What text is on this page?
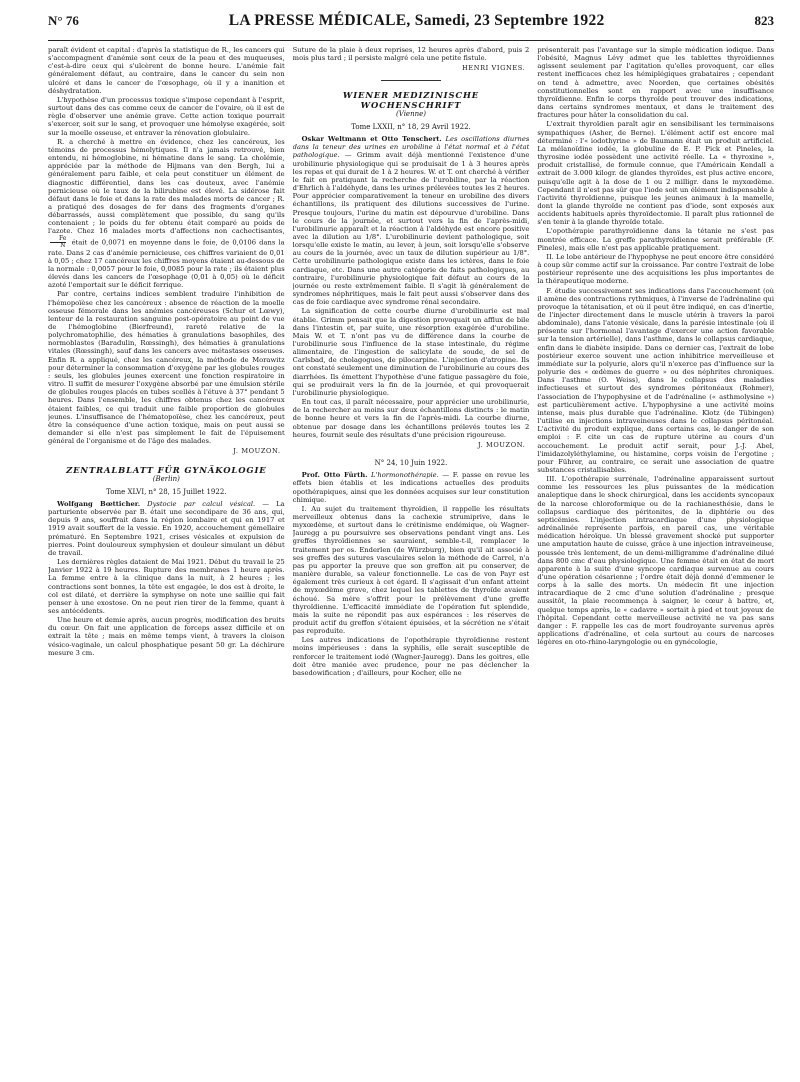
N° 76	LA PRESSE MÉDICALE, Samedi, 23 Septembre 1922	823

paraît évident et capital : d'après la statistique de R., les cancers qui s'accompagnent d'anémie sont ceux de la peau et des muqueuses, c'est-à-dire ceux qui s'ulcèrent de bonne heure. L'anémie fait généralement défaut, au contraire, dans le cancer du sein non ulcéré et dans le cancer de l'œsophage, où il y a inanition et déshydratation.

L'hypothèse d'un processus toxique s'impose cependant à l'esprit, surtout dans des cas comme ceux de cancer de l'ovaire, où il est de règle d'observer une anémie grave. Cette action toxique pourrait s'exercer, soit sur le sang, et provoquer une hémolyse exagérée, soit sur la moelle osseuse, et entraver la rénovation globulaire.

R. a cherché à mettre en évidence, chez les cancéreux, les témoins de processus hémolytiques. Il n'a jamais retrouvé, bien entendu, ni hémoglobine, ni hématine dans le sang. La cholémie, appréciée par la méthode de Hijmans van den Bergh, lui a généralement paru faible, et cela peut constituer un élément de diagnostic différentiel, dans les cas douteux, avec l'anémie pernicieuse où le taux de la bilirubine est élevé. La sidérose fait défaut dans le foie et dans la rate des malades morts de cancer ; R. a pratiqué des dosages de fer dans des fragments d'organes débarrassés, aussi complètement que possible, du sang qu'ils contenaient ; le poids du fer obtenu était comparé au poids de l'azote. Chez 16 malades morts d'affections non cachectisantes,
$\frac{Fe}{N}$ était de 0,0071 en moyenne dans le foie, de 0,0106 dans la rate. Dans 2 cas d'anémie pernicieuse, ces chiffres variaient de 0,01 à 0,05 ; chez 17 cancéreux les chiffres moyens étaient au-dessous de la normale : 0,0057 pour le foie, 0,0085 pour la rate ; ils étaient plus élevés dans les cancers de l'œsophage (0,01 à 0,05) où le déficit azoté l'emportait sur le déficit ferrique.

Par contre, certains indices semblent traduire l'inhibition de l'hémopoïèse chez les cancéreux : absence de réaction de la moelle osseuse fémorale dans les anémies cancéreuses (Schur et Lœwy), lenteur de la restauration sanguine post-opératoire au point de vue de l'hémoglobine (Bierfreund), rareté relative de la polychromatophilie, des hématies à granulations basophiles, des normoblastes (Baradulin, Rœssingh), des hématies à granulations vitales (Rœssingh), sauf dans les cancers avec métastases osseuses. Enfin R. a appliqué, chez les cancéreux, la méthode de Morawitz pour déterminer la consommation d'oxygène par les globules rouges : seuls, les globules jeunes exercent une fonction respiratoire in vitro. Il suffit de mesurer l'oxygène absorbé par une émulsion stérile de globules rouges placés en tubes scellés à l'étuve à 37° pendant 5 heures. Dans l'ensemble, les chiffres obtenus chez les cancéreux étaient faibles, ce qui traduit une faible proportion de globules jeunes. L'insuffisance de l'hématopoïèse, chez les cancéreux, peut être la conséquence d'une action toxique, mais on peut aussi se demander si elle n'est pas simplement le fait de l'épuisement général de l'organisme et de l'âge des malades.

J. MOUZON.
ZENTRALBLATT FÜR GYNÄKOLOGIE
(Berlin)
Tome XLVI, n° 28, 15 Juillet 1922.

Wolfgang Bœtticher. Dystocie par calcul vésical. — La parturiente observée par B. était une secondipare de 36 ans, qui, depuis 9 ans, souffrait dans la région lombaire et qui en 1917 et 1919 avait souffert de la vessie. En 1920, accouchement gémellaire prématuré. En Septembre 1921, crises vésicales et expulsion de pierres. Point douloureux symphysien et douleur simulant un début de travail.

Les dernières règles dataient de Mai 1921. Début du travail le 25 Janvier 1922 à 19 heures. Rupture des membranes 1 heure après. La femme entre à la clinique dans la nuit, à 2 heures ; les contractions sont bonnes, la tête est engagée, le dos est à droite, le col est dilaté, et derrière la symphyse on note une saillie qui fait penser à une exostose. On ne peut rien tirer de la femme, quant à ses antécédents.

Une heure et demie après, aucun progrès, modification des bruits du cœur. On fait une application de forceps assez difficile et on extrait la tête ; mais en même temps vient, à travers la cloison vésico-vaginale, un calcul phosphatique pesant 50 gr. La déchirure mesure 3 cm.

Suture de la plaie à deux reprises, 12 heures après d'abord, puis 2 mois plus tard ; il persiste malgré cela une petite fistule.

HENRI VIGNES.
WIENER MEDIZINISCHE
WOCHENSCHRIFT
(Vienne)
Tome LXXII, n° 18, 29 Avril 1922.

Oskar Weltmann et Otto Tenschert. Les oscillations diurnes dans la teneur des urines en urobiline à l'état normal et à l'état pathologique. — Grimm avait déjà mentionné l'existence d'une urobilinurie physiologique qui se produisait de 1 à 3 heures après les repas et qui durait de 1 à 2 heures. W. et T. ont cherché à vérifier le fait en pratiquant la recherche de l'urobiline, par la réaction d'Ehrlich à l'aldéhyde, dans les urines prélevées toutes les 2 heures. Pour apprécier comparativement la teneur en urobiline des divers échantillons, ils pratiquent des dilutions successives de l'urine. Presque toujours, l'urine du matin est dépourvue d'urobiline. Dans le cours de la journée, et surtout vers la fin de l'après-midi, l'urobilinurie apparaît et la réaction à l'aldéhyde est encore positive avec la dilution au 1/8°. L'urobilinurie devient pathologique, soit lorsqu'elle existe le matin, au lever, à jeun, soit lorsqu'elle s'observe au cours de la journée, avec un taux de dilution supérieur au 1/8°. Cette urobilinurie pathologique existe dans les ictères, dans le foie cardiaque, etc. Dans une autre catégorie de faits pathologiques, au contraire, l'urobilinurie physiologique fait défaut au cours de la journée ou reste extrêmement faible. Il s'agit là généralement de syndromes néphritiques, mais le fait peut aussi s'observer dans des cas de foie cardiaque avec syndrome rénal secondaire.

La signification de cette courbe diurne d'urobilinurie est mal établie. Grimm pensait que la digestion provoquait un afflux de bile dans l'intestin et, par suite, une résorption exagérée d'urobiline. Mais W. et T. n'ont pas vu de différence dans la courbe de l'urobilinurie sous l'influence de la stase intestinale, du régime alimentaire, de l'ingestion de salicylate de soude, de sel de Carlsbad, de cholagogues, de pilocarpine. L'injection d'atropine. Ils ont constaté seulement une diminution de l'urobilinurie au cours des diarrhées. Ils émettent l'hypothèse d'une fatigue passagère du foie, qui se produirait vers la fin de la journée, et qui provoquerait l'urobilinurie physiologique.

En tout cas, il paraît nécessaire, pour apprécier une urobilinurie, de la rechercher au moins sur deux échantillons distincts : le matin de bonne heure et vers la fin de l'après-midi. La courbe diurne, obtenue par dosage dans les échantillons prélevés toutes les 2 heures, fournit seule des résultats d'une précision rigoureuse.

J. MOUZON.
N° 24, 10 Juin 1922.

Prof. Otto Fürth. L'hormonothérapie. — F. passe en revue les effets bien établis et les indications actuelles des produits opothérapiques, ainsi que les données acquises sur leur constitution chimique.

I. Au sujet du traitement thyroïdien, il rappelle les résultats merveilleux obtenus dans la cachexie strumiprive, dans le myxœdème, et surtout dans le crétinisme endémique, où Wagner-Jauregg a pu poursuivre ses observations pendant vingt ans. Les greffes thyroïdiennes se sauraient, semble-t-il, remplacer le traitement per os. Enderlen (de Würzburg), bien qu'il ait associé à ses greffes des sutures vasculaires selon la méthode de Carrel, n'a pas pu apporter la preuve que son greffon ait pu conserver, de manière durable, sa valeur fonctionnelle. Le cas de von Payr est également très curieux à cet égard. Il s'agissait d'un enfant atteint de myxœdème grave, chez lequel les tablettes de thyroïde avaient échoué. Sa mère s'offrit pour le prélèvement d'une greffe thyroïdienne. L'efficacité immédiate de l'opération fut splendide, mais la suite ne répondit pas aux espérances : les réserves de produit actif du greffon s'étaient épuisées, et la sécrétion ne s'était pas reproduite.

Les autres indications de l'opothérapie thyroïdienne restent moins impérieuses : dans la syphilis, elle serait susceptible de renforcer le traitement iodé (Wagner-Jauregg). Dans les goitres, elle doit être maniée avec prudence, pour ne pas déclencher la basedowification ; d'ailleurs, pour Kocher, elle ne

présenterait pas l'avantage sur la simple médication iodique. Dans l'obésité, Magnus Lévy admet que les tablettes thyroïdiennes agissent seulement par l'agitation qu'elles provoquent, car elles restent inefficaces chez les hémiplégiques grabataires ; cependant on tend à admettre, avec Noorden, que certaines obésités constitutionnelles sont en rapport avec une insuffisance thyroïdienne. Enfin le corps thyroïde peut trouver des indications, dans certains syndromes mentaux, et dans le traitement des fractures pour hâter la consolidation du cal.

L'extrait thyroïdien paraît agir en sensibilisant les terminaisons sympathiques (Asher, de Berne). L'élément actif est encore mal déterminé : l'« iodothyrine » de Baumann était un produit artificiel. La mélanoïdine iodée, la globuline de E. P. Pick et Pineles, la thyrosine iodée possèdent une activité réelle. La « thyroxine », produit cristallisé, de formule connue, que l'Américain Kendall a extrait de 3.000 kilogr. de glandes thyroïdes, est plus active encore, puisqu'elle agit à la dose de 1 ou 2 milligr. dans le myxœdème. Cependant il n'est pas sûr que l'iode soit un élément indispensable à l'activité thyroïdienne, puisque les jeunes animaux à la mamelle, dont la glande thyroïde ne contient pas d'iode, sont exposés aux accidents habituels après thyroïdectomie. Il paraît plus rationnel de s'en tenir à la glande thyroïde totale.

L'opothérapie parathyroïdienne dans la tétanie ne s'est pas montrée efficace. La greffe parathyroïdienne serait préférable (F. Pineles), mais elle n'est pas applicable pratiquement.

II. Le lobe antérieur de l'hypophyse ne peut encore être considéré à coup sûr comme actif sur la croissance. Par contre l'extrait de lobe postérieur représente une des acquisitions les plus importantes de la thérapeutique moderne.

F. étudie successivement ses indications dans l'accouchement (où il amène des contractions rythmiques, à l'inverse de l'adrénaline qui provoque la tétanisation, et où il peut être indiqué, en cas d'inertie, de l'injecter directement dans le muscle utérin à travers la paroi abdominale), dans l'atonie vésicale, dans la parésie intestinale (où il présente sur l'hormonal l'avantage d'exercer une action favorable sur la tension artérielle), dans l'asthme, dans le collapsus cardiaque, enfin dans le diabète insipide. Dans ce dernier cas, l'extrait de lobe postérieur exerce souvent une action inhibitrice merveilleuse et immédiate sur la polyurie, alors qu'il n'exerce pas d'influence sur la polyurie des « œdèmes de guerre » ou des néphrites chroniques. Dans l'asthme (O. Weiss), dans le collapsus des maladies infectieuses et surtout des syndromes péritonéaux (Rohmer), l'association de l'hypophysine et de l'adrénaline (« asthmolysine ») est particulièrement active. L'hypophysine a une activité moins intense, mais plus durable que l'adrénaline. Klotz (de Tübingen) l'utilise en injections intraveineuses dans le collapsus péritonéal. L'activité du produit explique, dans certains cas, le danger de son emploi : F. cite un cas de rupture utérine au cours d'un accouchement. Le produit actif serait, pour J.-J. Abel, l'imidazolyléthylamine, ou histamine, corps voisin de l'ergotine ; pour Führer, au contraire, ce serait une association de quatre substances cristallisables.

III. L'opothérapie surrénale, l'adrénaline apparaissent surtout comme les ressources les plus puissantes de la médication analeptique dans le shock chirurgical, dans les accidents syncopaux de la narcose chloroformique ou de la rachianesthésie, dans le collapsus cardiaque des péritonites, de la diphtérie ou des septicémies. L'injection intracardiaque d'une physiologique adrénalinée représente parfois, en pareil cas, une véritable médication héroïque. Un blessé gravement shocké put supporter une amputation haute de cuisse, grâce à une injection intraveineuse, poussée très lentement, de un demi-milligramme d'adrénaline dilué dans 800 cmc d'eau physiologique. Une femme était en état de mort apparente à la suite d'une syncope cardiaque survenue au cours d'une opération césarienne ; l'ordre était déjà donné d'emmener le corps à la salle des morts. Un médecin fit une injection intracardiaque de 2 cmc d'une solution d'adrénaline ; presque aussitôt, la plaie recommença à saigner, le cœur à battre, et, quelque temps après, le « cadavre » sortait à pied et tout joyeux de l'hôpital. Cependant cette merveilleuse activité ne va pas sans danger : F. rappelle les cas de mort foudroyante survenus après applications d'adrénaline, et cela surtout au cours de narcoses légères en oto-rhino-laryngologie ou en gynécologie,
